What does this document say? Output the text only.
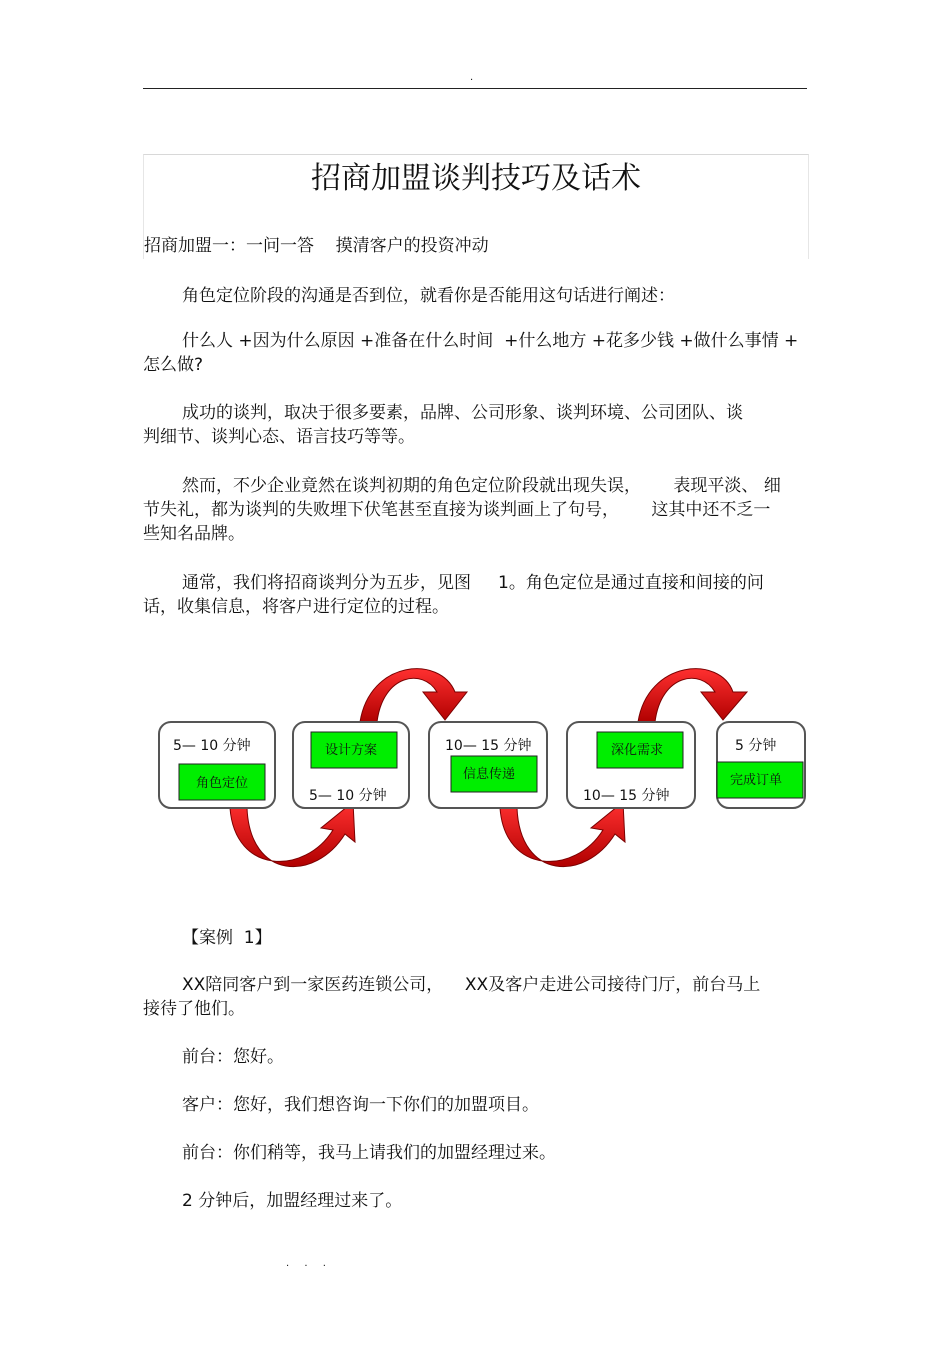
.
招商加盟谈判技巧及话术
招商加盟一：一问一答    摸清客户的投资冲动
角色定位阶段的沟通是否到位，就看你是否能用这句话进行阐述：
什么人 +因为什么原因 +准备在什么时间  +什么地方 +花多少钱 +做什么事情 +
怎么做?
成功的谈判，取决于很多要素，品牌、公司形象、谈判环境、公司团队、谈
判细节、谈判心态、语言技巧等等。
然而，不少企业竟然在谈判初期的角色定位阶段就出现失误，      表现平淡、 细
节失礼，都为谈判的失败埋下伏笔甚至直接为谈判画上了句号，      这其中还不乏一
些知名品牌。
通常，我们将招商谈判分为五步，见图     1。角色定位是通过直接和间接的问
话，收集信息，将客户进行定位的过程。
5— 10 分钟
角色定位
设计方案
5— 10 分钟
10— 15 分钟
信息传递
深化需求
10— 15 分钟
5 分钟
完成订单
【案例  1】
XX陪同客户到一家医药连锁公司，    XX及客户走进公司接待门厅，前台马上
接待了他们。
前台：您好。
客户：您好，我们想咨询一下你们的加盟项目。
前台：你们稍等，我马上请我们的加盟经理过来。
2 分钟后，加盟经理过来了。
. . .
